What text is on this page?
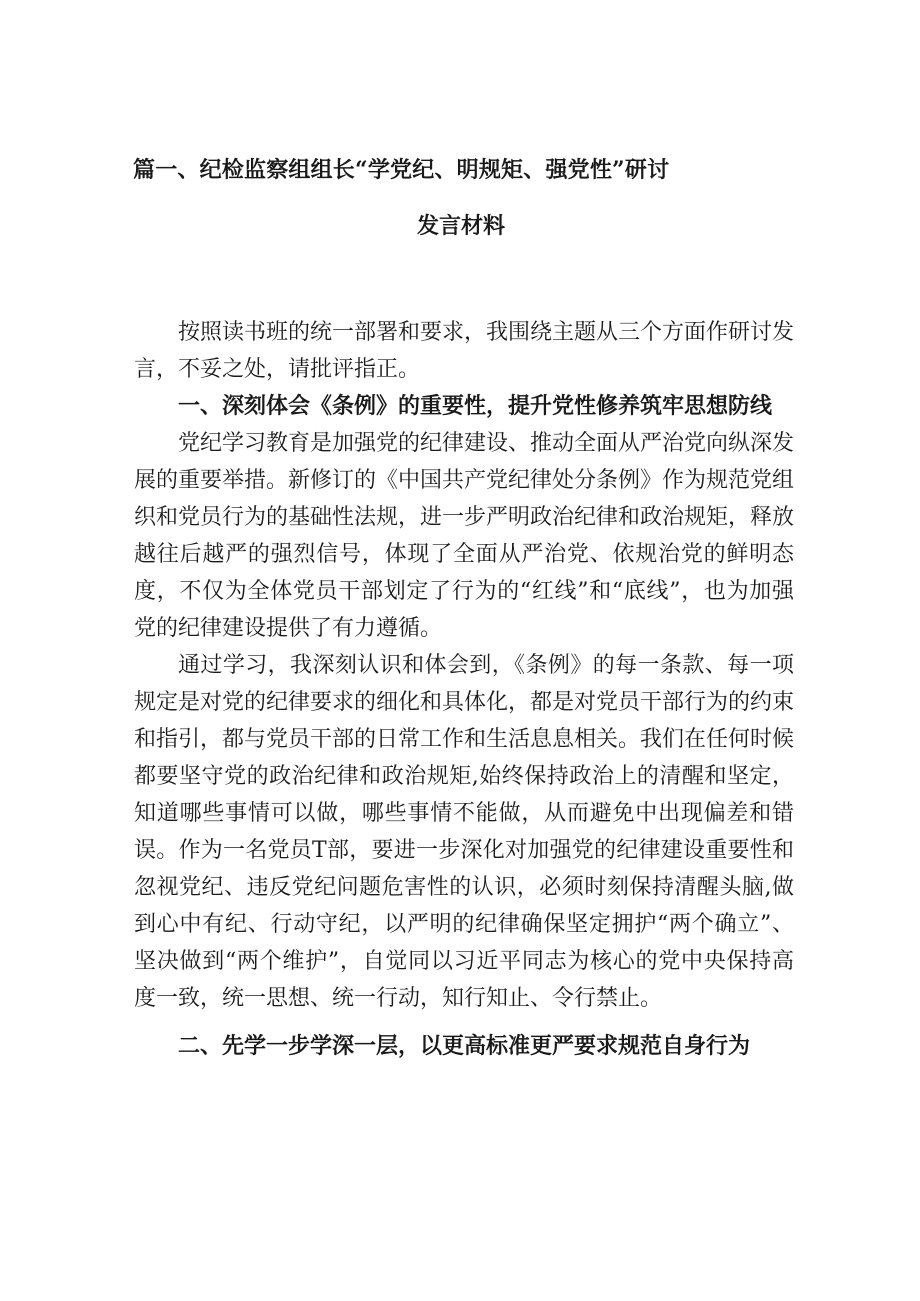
篇一、纪检监察组组长“学党纪、明规矩、强党性”研讨
发言材料

按照读书班的统一部署和要求，我围绕主题从三个方面作研讨发言，不妥之处，请批评指正。

一、深刻体会《条例》的重要性，提升党性修养筑牢思想防线

党纪学习教育是加强党的纪律建设、推动全面从严治党向纵深发展的重要举措。新修订的《中国共产党纪律处分条例》作为规范党组织和党员行为的基础性法规，进一步严明政治纪律和政治规矩，释放越往后越严的强烈信号，体现了全面从严治党、依规治党的鲜明态度，不仅为全体党员干部划定了行为的“红线”和“底线”，也为加强党的纪律建设提供了有力遵循。

通过学习，我深刻认识和体会到，《条例》的每一条款、每一项规定是对党的纪律要求的细化和具体化，都是对党员干部行为的约束和指引，都与党员干部的日常工作和生活息息相关。我们在任何时候都要坚守党的政治纪律和政治规矩,始终保持政治上的清醒和坚定，知道哪些事情可以做，哪些事情不能做，从而避免中出现偏差和错误。作为一名党员T部，要进一步深化对加强党的纪律建设重要性和忽视党纪、违反党纪问题危害性的认识，必须时刻保持清醒头脑,做到心中有纪、行动守纪，以严明的纪律确保坚定拥护“两个确立”、坚决做到“两个维护”，自觉同以习近平同志为核心的党中央保持高度一致，统一思想、统一行动，知行知止、令行禁止。

二、先学一步学深一层，以更高标准更严要求规范自身行为
